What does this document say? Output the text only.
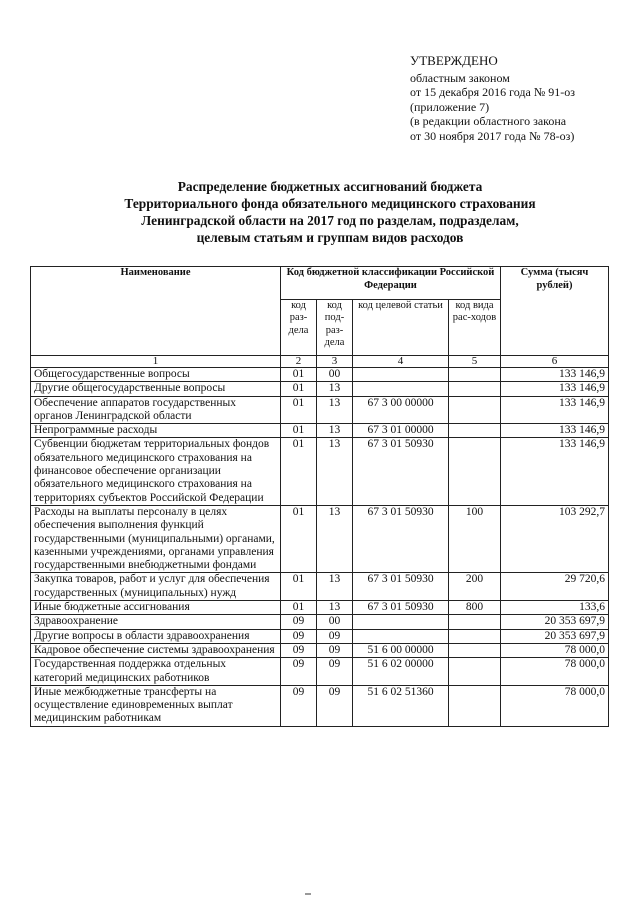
УТВЕРЖДЕНО
областным законом
от 15 декабря 2016 года № 91-оз
(приложение 7)
(в редакции областного закона
от 30 ноября 2017 года № 78-оз)
Распределение бюджетных ассигнований бюджета
Территориального фонда обязательного медицинского страхования
Ленинградской области на 2017 год по разделам, подразделам,
целевым статьям и группам видов расходов
Наименование	Код бюджетной классификации Российской Федерации				Сумма (тысяч рублей)
	код раз-дела	код под-раз-дела	код целевой статьи	код вида рас-ходов	
1	2	3	4	5	6
Общегосударственные вопросы	01	00			133 146,9
Другие общегосударственные вопросы	01	13			133 146,9
Обеспечение аппаратов государственных органов Ленинградской области	01	13	67 3 00 00000		133 146,9
Непрограммные расходы	01	13	67 3 01 00000		133 146,9
Субвенции бюджетам территориальных фондов обязательного медицинского страхования на финансовое обеспечение организации обязательного медицинского страхования на территориях субъектов Российской Федерации	01	13	67 3 01 50930		133 146,9
Расходы на выплаты персоналу в целях обеспечения выполнения функций государственными (муниципальными) органами, казенными учреждениями, органами управления государственными внебюджетными фондами	01	13	67 3 01 50930	100	103 292,7
Закупка товаров, работ и услуг для обеспечения государственных (муниципальных) нужд	01	13	67 3 01 50930	200	29 720,6
Иные бюджетные ассигнования	01	13	67 3 01 50930	800	133,6
Здравоохранение	09	00			20 353 697,9
Другие вопросы в области здравоохранения	09	09			20 353 697,9
Кадровое обеспечение системы здравоохранения	09	09	51 6 00 00000		78 000,0
Государственная поддержка отдельных категорий медицинских работников	09	09	51 6 02 00000		78 000,0
Иные межбюджетные трансферты на осуществление единовременных выплат медицинским работникам	09	09	51 6 02 51360		78 000,0
